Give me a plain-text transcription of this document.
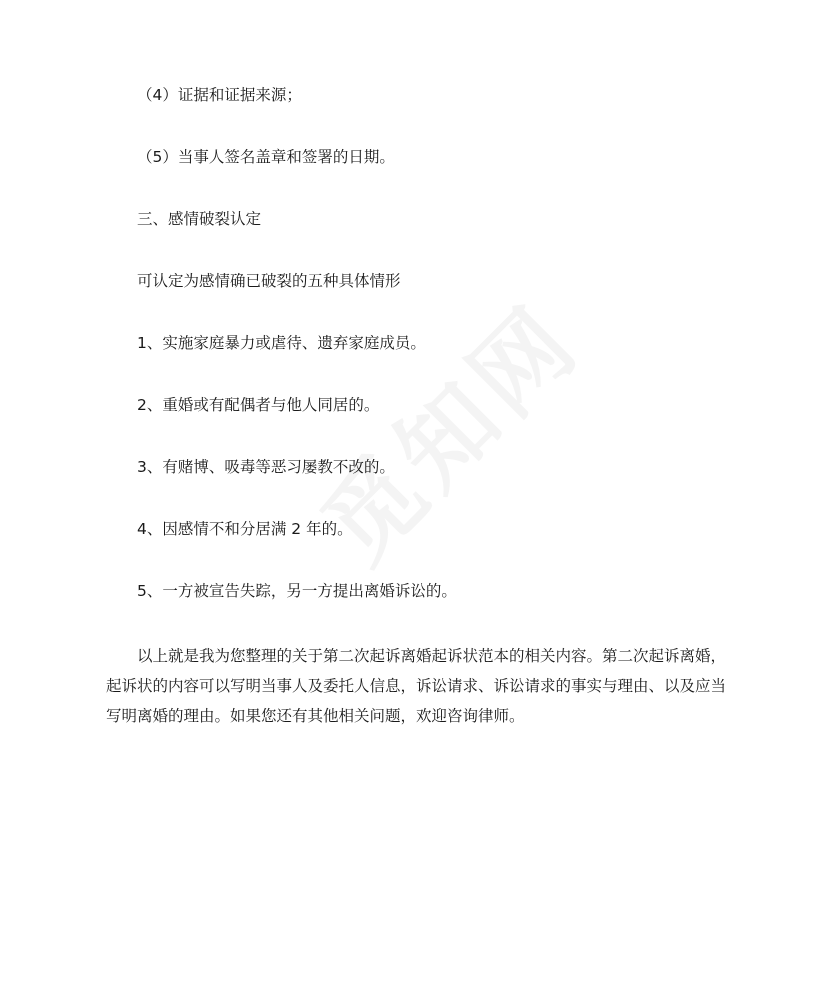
（4）证据和证据来源；

（5）当事人签名盖章和签署的日期。

三、感情破裂认定

可认定为感情确已破裂的五种具体情形

1、实施家庭暴力或虐待、遗弃家庭成员。

2、重婚或有配偶者与他人同居的。

3、有赌博、吸毒等恶习屡教不改的。

4、因感情不和分居满 2 年的。

5、一方被宣告失踪，另一方提出离婚诉讼的。

以上就是我为您整理的关于第二次起诉离婚起诉状范本的相关内容。第二次起诉离婚，起诉状的内容可以写明当事人及委托人信息，诉讼请求、诉讼请求的事实与理由、以及应当写明离婚的理由。如果您还有其他相关问题，欢迎咨询律师。
